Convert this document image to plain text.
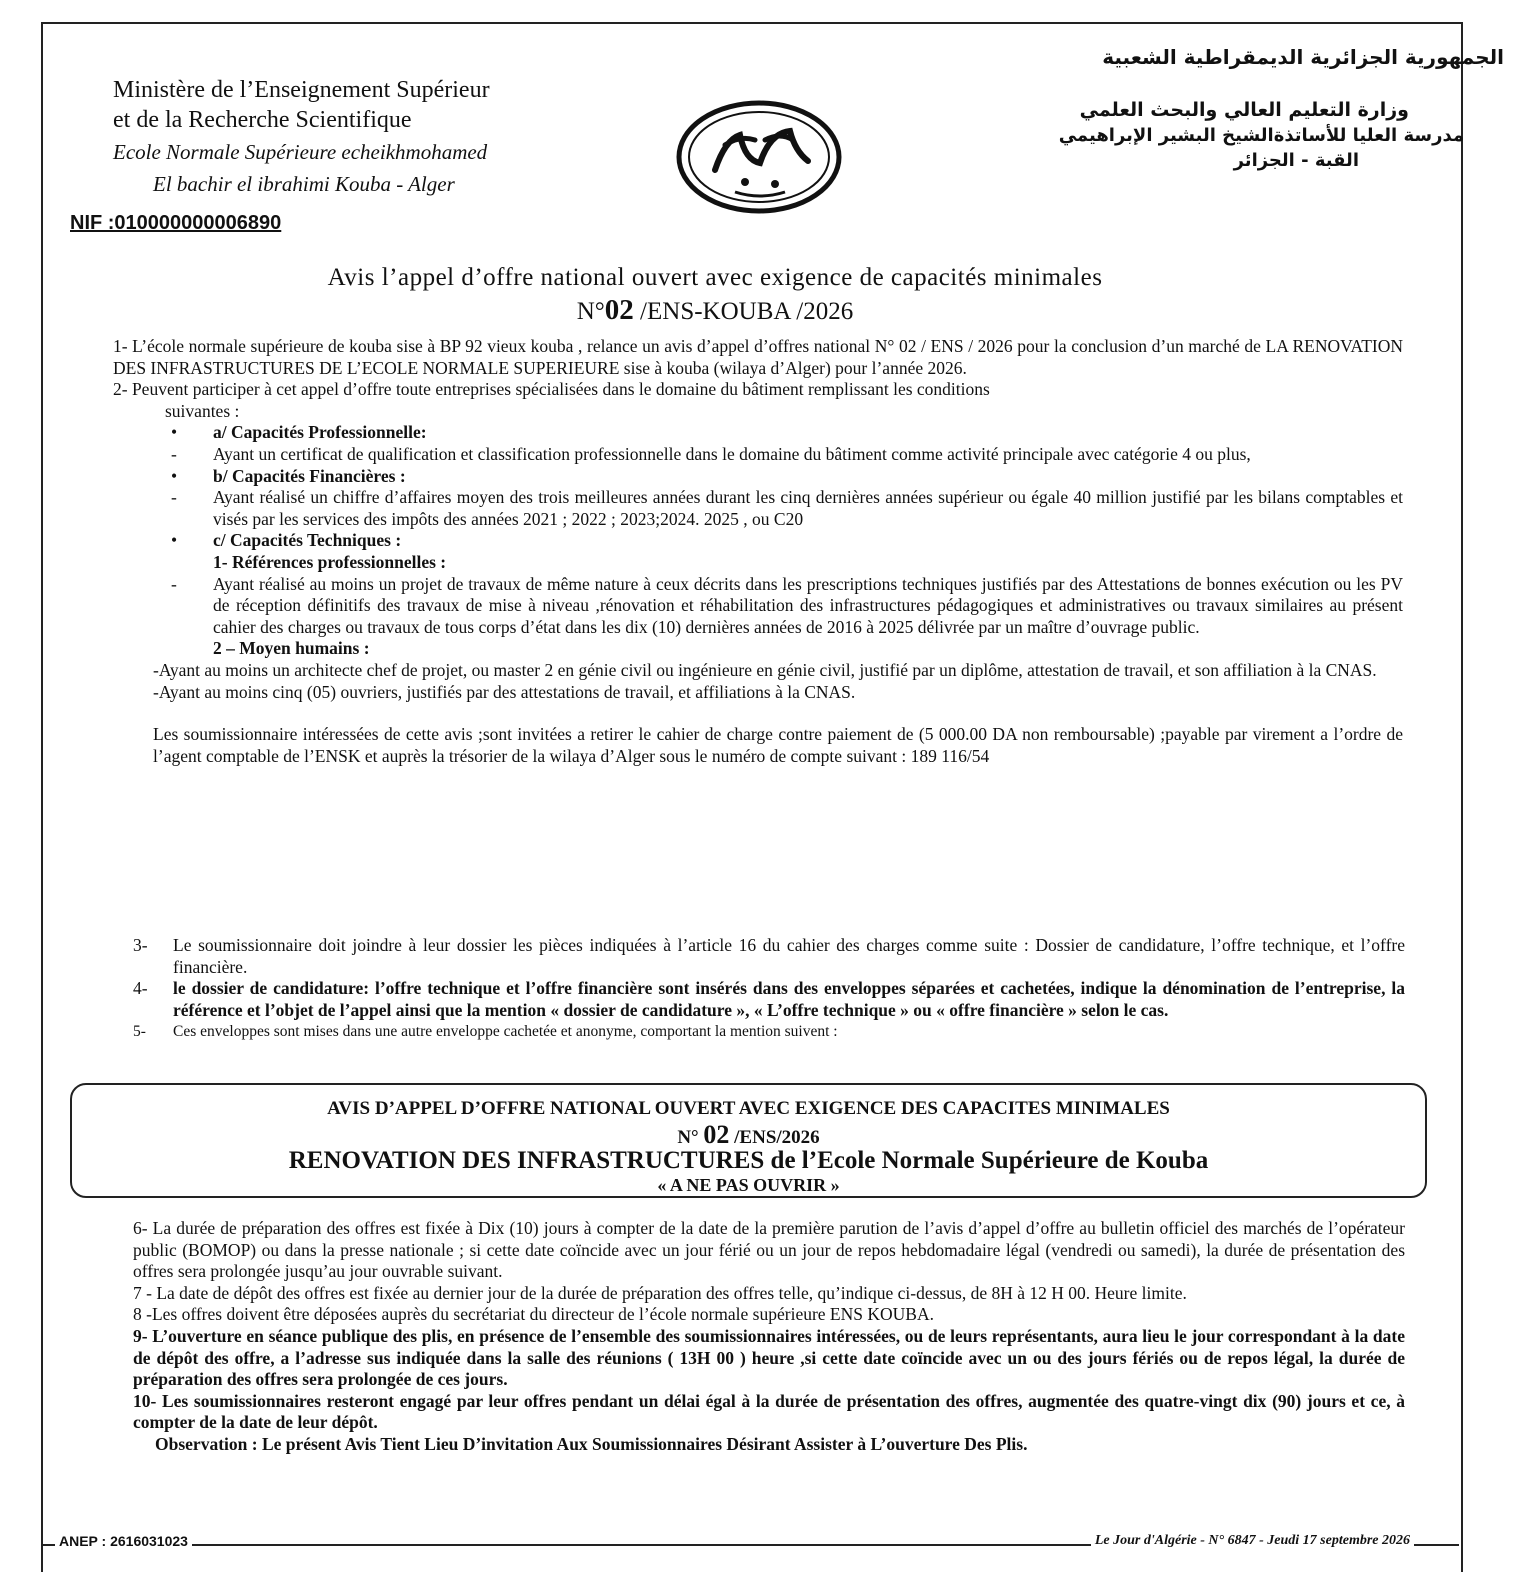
Ministère de l’Enseignement Supérieur
et de la Recherche Scientifique
Ecole Normale Supérieure echeikhmohamed
El bachir el ibrahimi Kouba - Alger
NIF :010000000006890
الجمهورية الجزائرية الديمقراطية الشعبية
وزارة التعليم العالي والبحث العلمي
مدرسة العليا للأساتذةالشيخ البشير الإبراهيمي
القبة - الجزائر
Avis l’appel d’offre national ouvert avec exigence de capacités minimales
N°02 /ENS-KOUBA /2026

1- L’école normale supérieure de kouba sise à BP 92 vieux kouba , relance un avis d’appel d’offres national N° 02 / ENS / 2026 pour la conclusion d’un marché de LA RENOVATION DES INFRASTRUCTURES DE L’ECOLE NORMALE SUPERIEURE sise à kouba (wilaya d’Alger) pour l’année 2026.

2- Peuvent participer à cet appel d’offre toute entreprises spécialisées dans le domaine du bâtiment remplissant les conditions

suivantes :

•	a/ Capacités Professionnelle:

-	Ayant un certificat de qualification et classification professionnelle dans le domaine du bâtiment comme activité principale avec catégorie 4 ou plus,

•	b/ Capacités Financières :

-	Ayant réalisé un chiffre d’affaires moyen des trois meilleures années durant les cinq dernières années supérieur ou égale 40 million justifié par les bilans comptables et visés par les services des impôts des années 2021 ; 2022 ; 2023;2024. 2025 , ou C20

•	c/ Capacités Techniques :

1- Références professionnelles :

-	Ayant réalisé au moins un projet de travaux de même nature à ceux décrits dans les prescriptions techniques justifiés par des Attestations de bonnes exécution ou les PV de réception définitifs des travaux de mise à niveau ,rénovation et réhabilitation des infrastructures pédagogiques et administratives ou travaux similaires au présent cahier des charges ou travaux de tous corps d’état dans les dix (10) dernières années de 2016 à 2025 délivrée par un maître d’ouvrage public.

2 – Moyen humains :

-Ayant au moins un architecte chef de projet, ou master 2 en génie civil ou ingénieure en génie civil, justifié par un diplôme, attestation de travail, et son affiliation à la CNAS.

-Ayant au moins cinq (05) ouvriers, justifiés par des attestations de travail, et affiliations à la CNAS.

Les soumissionnaire intéressées de cette avis ;sont invitées a retirer le cahier de charge contre paiement de (5 000.00 DA non remboursable) ;payable par virement a l’ordre de l’agent comptable de l’ENSK et auprès la trésorier de la wilaya d’Alger sous le numéro de compte suivant : 189 116/54

3-	Le soumissionnaire doit joindre à leur dossier les pièces indiquées à l’article 16 du cahier des charges comme suite : Dossier de candidature, l’offre technique, et l’offre financière.

4-	le dossier de candidature: l’offre technique et l’offre financière sont insérés dans des enveloppes séparées et cachetées, indique la dénomination de l’entreprise, la référence et l’objet de l’appel ainsi que la mention « dossier de candidature », « L’offre technique » ou « offre financière » selon le cas.

5-	Ces enveloppes sont mises dans une autre enveloppe cachetée et anonyme, comportant la mention suivent :

AVIS D’APPEL D’OFFRE NATIONAL OUVERT AVEC EXIGENCE DES CAPACITES MINIMALES
N° 02 /ENS/2026
RENOVATION DES INFRASTRUCTURES de l’Ecole Normale Supérieure de Kouba
« A NE PAS OUVRIR »

6- La durée de préparation des offres est fixée à Dix (10) jours à compter de la date de la première parution de l’avis d’appel d’offre au bulletin officiel des marchés de l’opérateur public (BOMOP) ou dans la presse nationale ; si cette date coïncide avec un jour férié ou un jour de repos hebdomadaire légal (vendredi ou samedi), la durée de présentation des offres sera prolongée jusqu’au jour ouvrable suivant.

7 - La date de dépôt des offres est fixée au dernier jour de la durée de préparation des offres telle, qu’indique ci-dessus, de 8H à 12 H 00. Heure limite.

8 -Les offres doivent être déposées auprès du secrétariat du directeur de l’école normale supérieure ENS KOUBA.

9- L’ouverture en séance publique des plis, en présence de l’ensemble des soumissionnaires intéressées, ou de leurs représentants, aura lieu le jour correspondant à la date de dépôt des offre, a l’adresse sus indiquée dans la salle des réunions ( 13H 00 ) heure ,si cette date coïncide avec un ou des jours fériés ou de repos légal, la durée de préparation des offres sera prolongée de ces jours.

10- Les soumissionnaires resteront engagé par leur offres pendant un délai égal à la durée de présentation des offres, augmentée des quatre-vingt dix (90) jours et ce, à compter de la date de leur dépôt.

Observation : Le présent Avis Tient Lieu D’invitation Aux Soumissionnaires Désirant Assister à L’ouverture Des Plis.

ANEP : 2616031023	Le Jour d'Algérie - N° 6847 - Jeudi 17 septembre 2026
